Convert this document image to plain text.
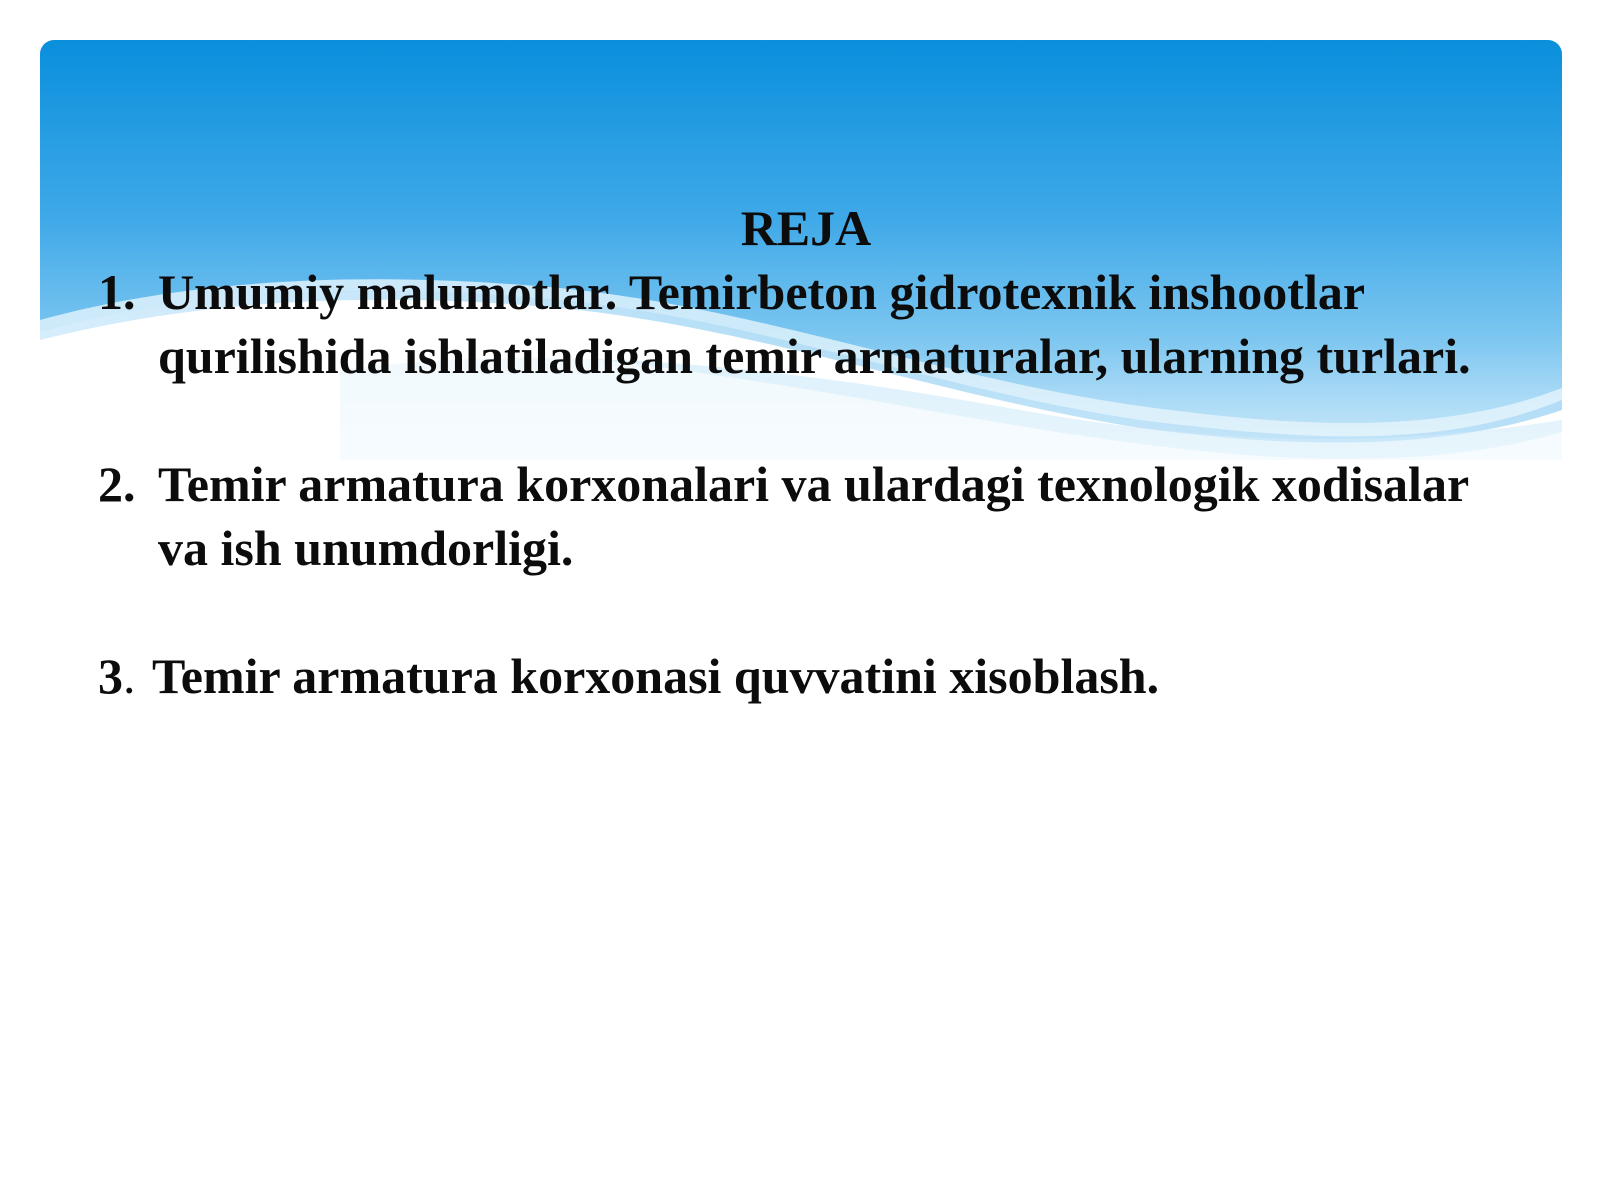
REJA
1. Umumiy malumotlar. Temirbeton gidrotexnik inshootlar qurilishida ishlatiladigan temir armaturalar, ularning turlari.
2. Temir armatura korxonalari va ulardagi texnologik xodisalar va ish unumdorligi.
3. Temir armatura korxonasi quvvatini xisoblash.
